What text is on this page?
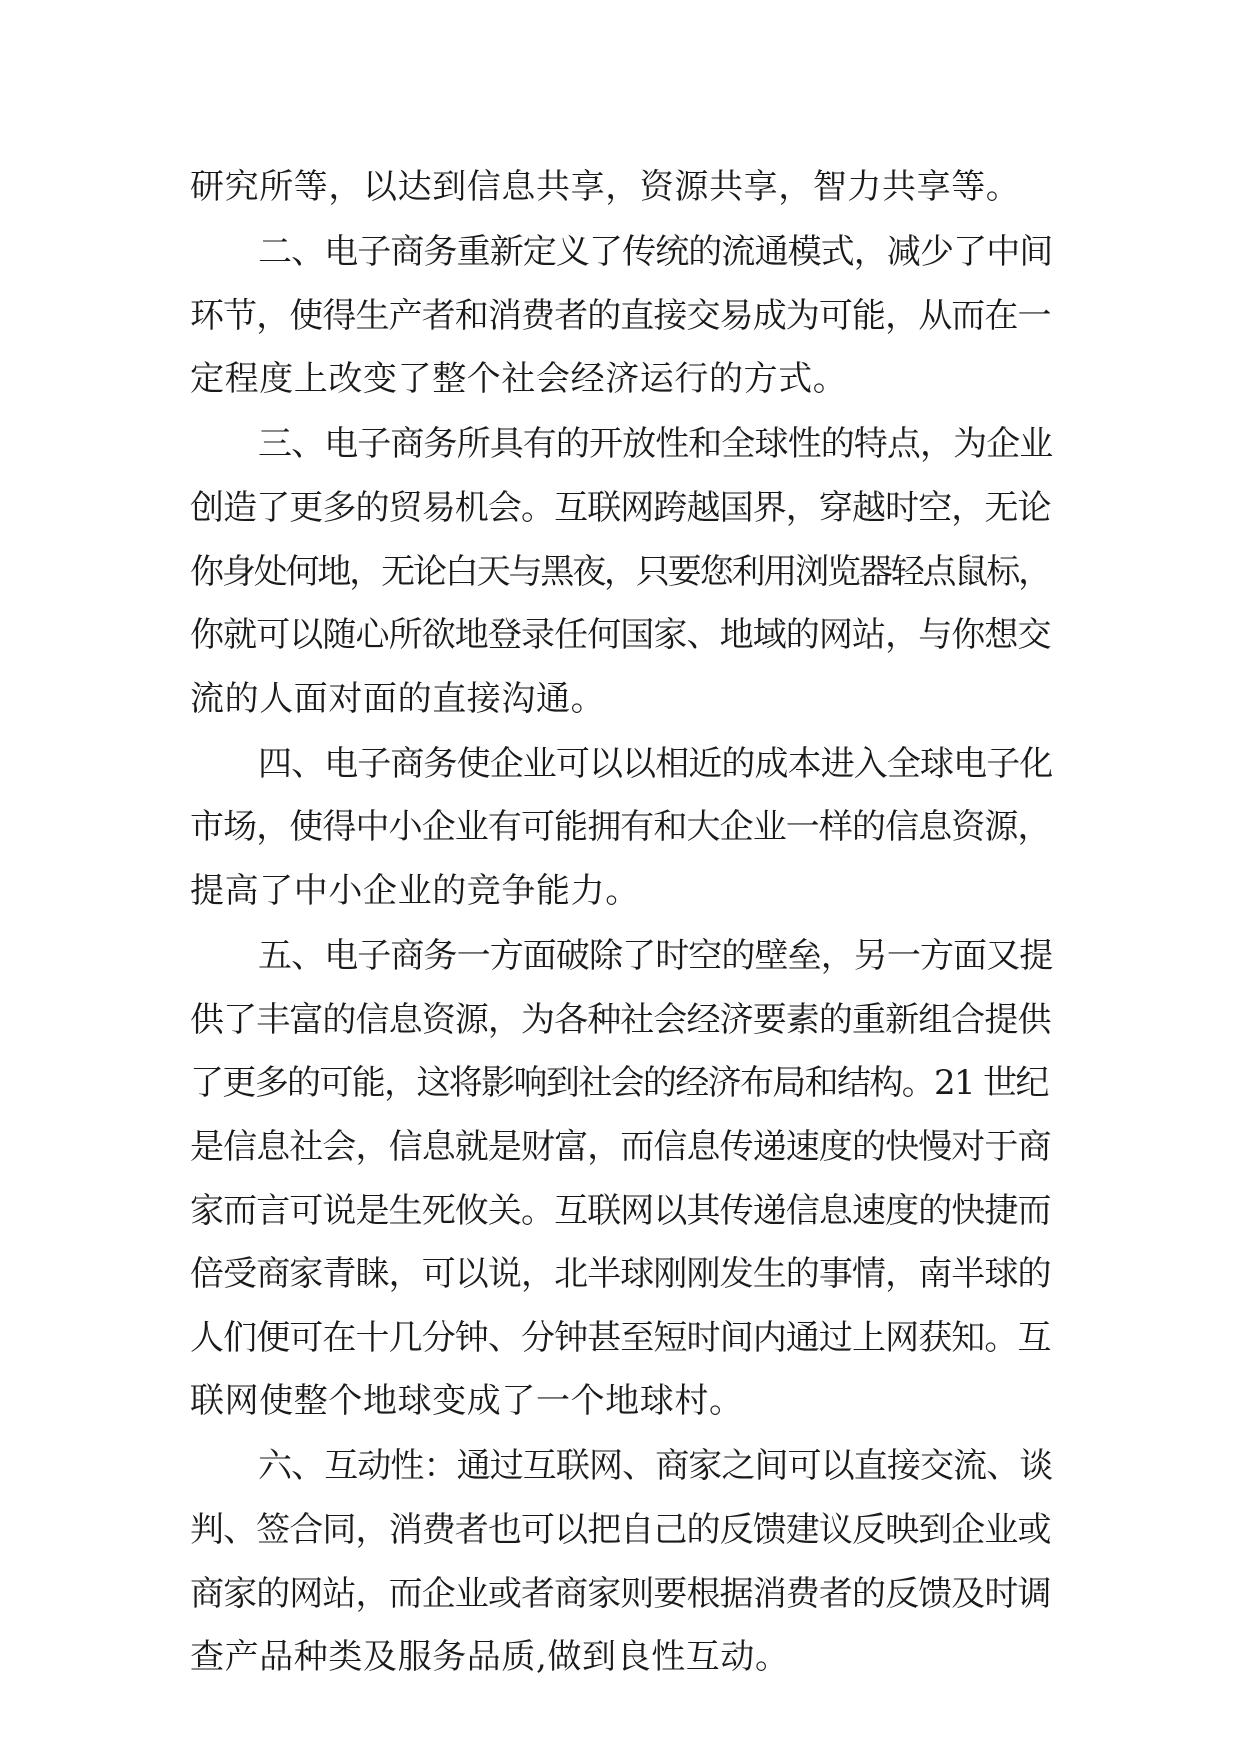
研究所等，以达到信息共享，资源共享，智力共享等。
二、电子商务重新定义了传统的流通模式，减少了中间
环节，使得生产者和消费者的直接交易成为可能，从而在一
定程度上改变了整个社会经济运行的方式。
三、电子商务所具有的开放性和全球性的特点，为企业
创造了更多的贸易机会。互联网跨越国界，穿越时空，无论
你身处何地，无论白天与黑夜，只要您利用浏览器轻点鼠标，
你就可以随心所欲地登录任何国家、地域的网站，与你想交
流的人面对面的直接沟通。
四、电子商务使企业可以以相近的成本进入全球电子化
市场，使得中小企业有可能拥有和大企业一样的信息资源，
提高了中小企业的竞争能力。
五、电子商务一方面破除了时空的壁垒，另一方面又提
供了丰富的信息资源，为各种社会经济要素的重新组合提供
了更多的可能，这将影响到社会的经济布局和结构。21 世纪
是信息社会，信息就是财富，而信息传递速度的快慢对于商
家而言可说是生死攸关。互联网以其传递信息速度的快捷而
倍受商家青睐，可以说，北半球刚刚发生的事情，南半球的
人们便可在十几分钟、分钟甚至短时间内通过上网获知。互
联网使整个地球变成了一个地球村。
六、互动性：通过互联网、商家之间可以直接交流、谈
判、签合同，消费者也可以把自己的反馈建议反映到企业或
商家的网站，而企业或者商家则要根据消费者的反馈及时调
查产品种类及服务品质,做到良性互动。
